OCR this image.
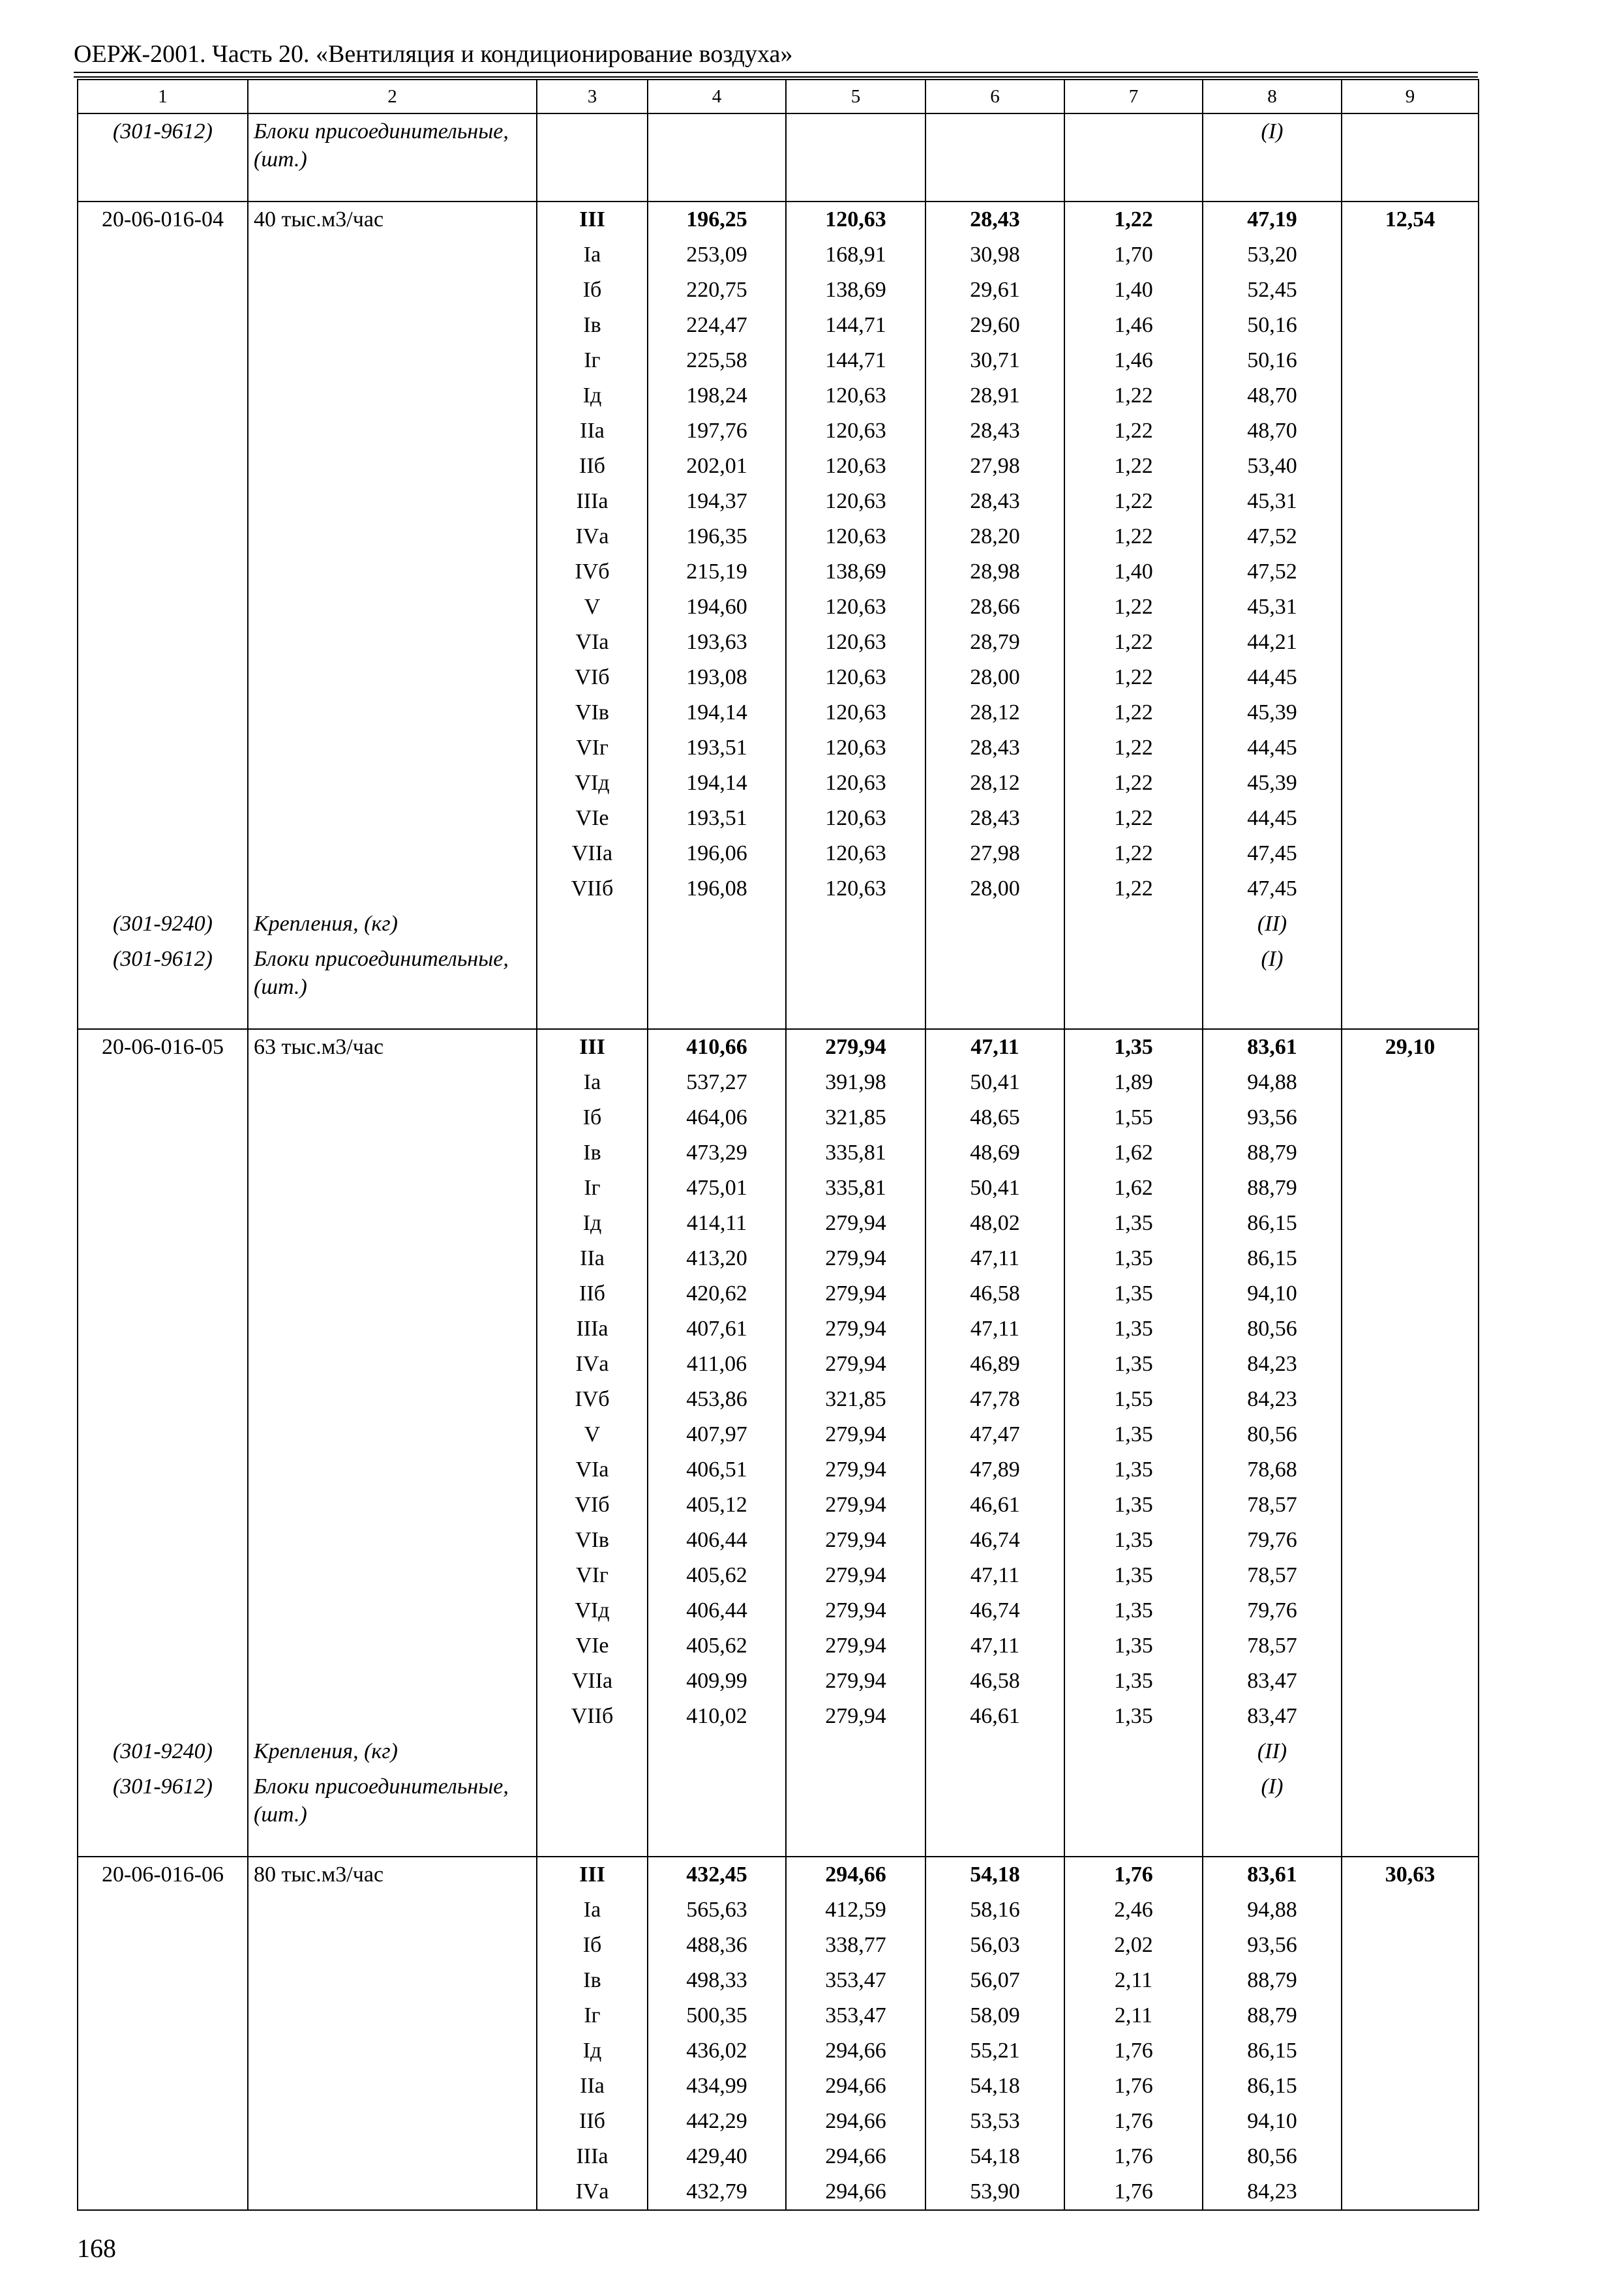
ОЕРЖ-2001. Часть 20. «Вентиляция и кондиционирование воздуха»
1	2	3	4	5	6	7	8	9
(301-9612)	Блоки присоединительные, (шт.)						(I)	
20-06-016-04	40 тыс.м3/час	III	196,25	120,63	28,43	1,22	47,19	12,54
		Iа	253,09	168,91	30,98	1,70	53,20	
		Iб	220,75	138,69	29,61	1,40	52,45	
		Iв	224,47	144,71	29,60	1,46	50,16	
		Iг	225,58	144,71	30,71	1,46	50,16	
		Iд	198,24	120,63	28,91	1,22	48,70	
		IIа	197,76	120,63	28,43	1,22	48,70	
		IIб	202,01	120,63	27,98	1,22	53,40	
		IIIа	194,37	120,63	28,43	1,22	45,31	
		IVа	196,35	120,63	28,20	1,22	47,52	
		IVб	215,19	138,69	28,98	1,40	47,52	
		V	194,60	120,63	28,66	1,22	45,31	
		VIа	193,63	120,63	28,79	1,22	44,21	
		VIб	193,08	120,63	28,00	1,22	44,45	
		VIв	194,14	120,63	28,12	1,22	45,39	
		VIг	193,51	120,63	28,43	1,22	44,45	
		VIд	194,14	120,63	28,12	1,22	45,39	
		VIе	193,51	120,63	28,43	1,22	44,45	
		VIIа	196,06	120,63	27,98	1,22	47,45	
		VIIб	196,08	120,63	28,00	1,22	47,45	
(301-9240)	Крепления, (кг)						(II)	
(301-9612)	Блоки присоединительные, (шт.)						(I)	
20-06-016-05	63 тыс.м3/час	III	410,66	279,94	47,11	1,35	83,61	29,10
		Iа	537,27	391,98	50,41	1,89	94,88	
		Iб	464,06	321,85	48,65	1,55	93,56	
		Iв	473,29	335,81	48,69	1,62	88,79	
		Iг	475,01	335,81	50,41	1,62	88,79	
		Iд	414,11	279,94	48,02	1,35	86,15	
		IIа	413,20	279,94	47,11	1,35	86,15	
		IIб	420,62	279,94	46,58	1,35	94,10	
		IIIа	407,61	279,94	47,11	1,35	80,56	
		IVа	411,06	279,94	46,89	1,35	84,23	
		IVб	453,86	321,85	47,78	1,55	84,23	
		V	407,97	279,94	47,47	1,35	80,56	
		VIа	406,51	279,94	47,89	1,35	78,68	
		VIб	405,12	279,94	46,61	1,35	78,57	
		VIв	406,44	279,94	46,74	1,35	79,76	
		VIг	405,62	279,94	47,11	1,35	78,57	
		VIд	406,44	279,94	46,74	1,35	79,76	
		VIе	405,62	279,94	47,11	1,35	78,57	
		VIIа	409,99	279,94	46,58	1,35	83,47	
		VIIб	410,02	279,94	46,61	1,35	83,47	
(301-9240)	Крепления, (кг)						(II)	
(301-9612)	Блоки присоединительные, (шт.)						(I)	
20-06-016-06	80 тыс.м3/час	III	432,45	294,66	54,18	1,76	83,61	30,63
		Iа	565,63	412,59	58,16	2,46	94,88	
		Iб	488,36	338,77	56,03	2,02	93,56	
		Iв	498,33	353,47	56,07	2,11	88,79	
		Iг	500,35	353,47	58,09	2,11	88,79	
		Iд	436,02	294,66	55,21	1,76	86,15	
		IIа	434,99	294,66	54,18	1,76	86,15	
		IIб	442,29	294,66	53,53	1,76	94,10	
		IIIа	429,40	294,66	54,18	1,76	80,56	
		IVа	432,79	294,66	53,90	1,76	84,23	
168
